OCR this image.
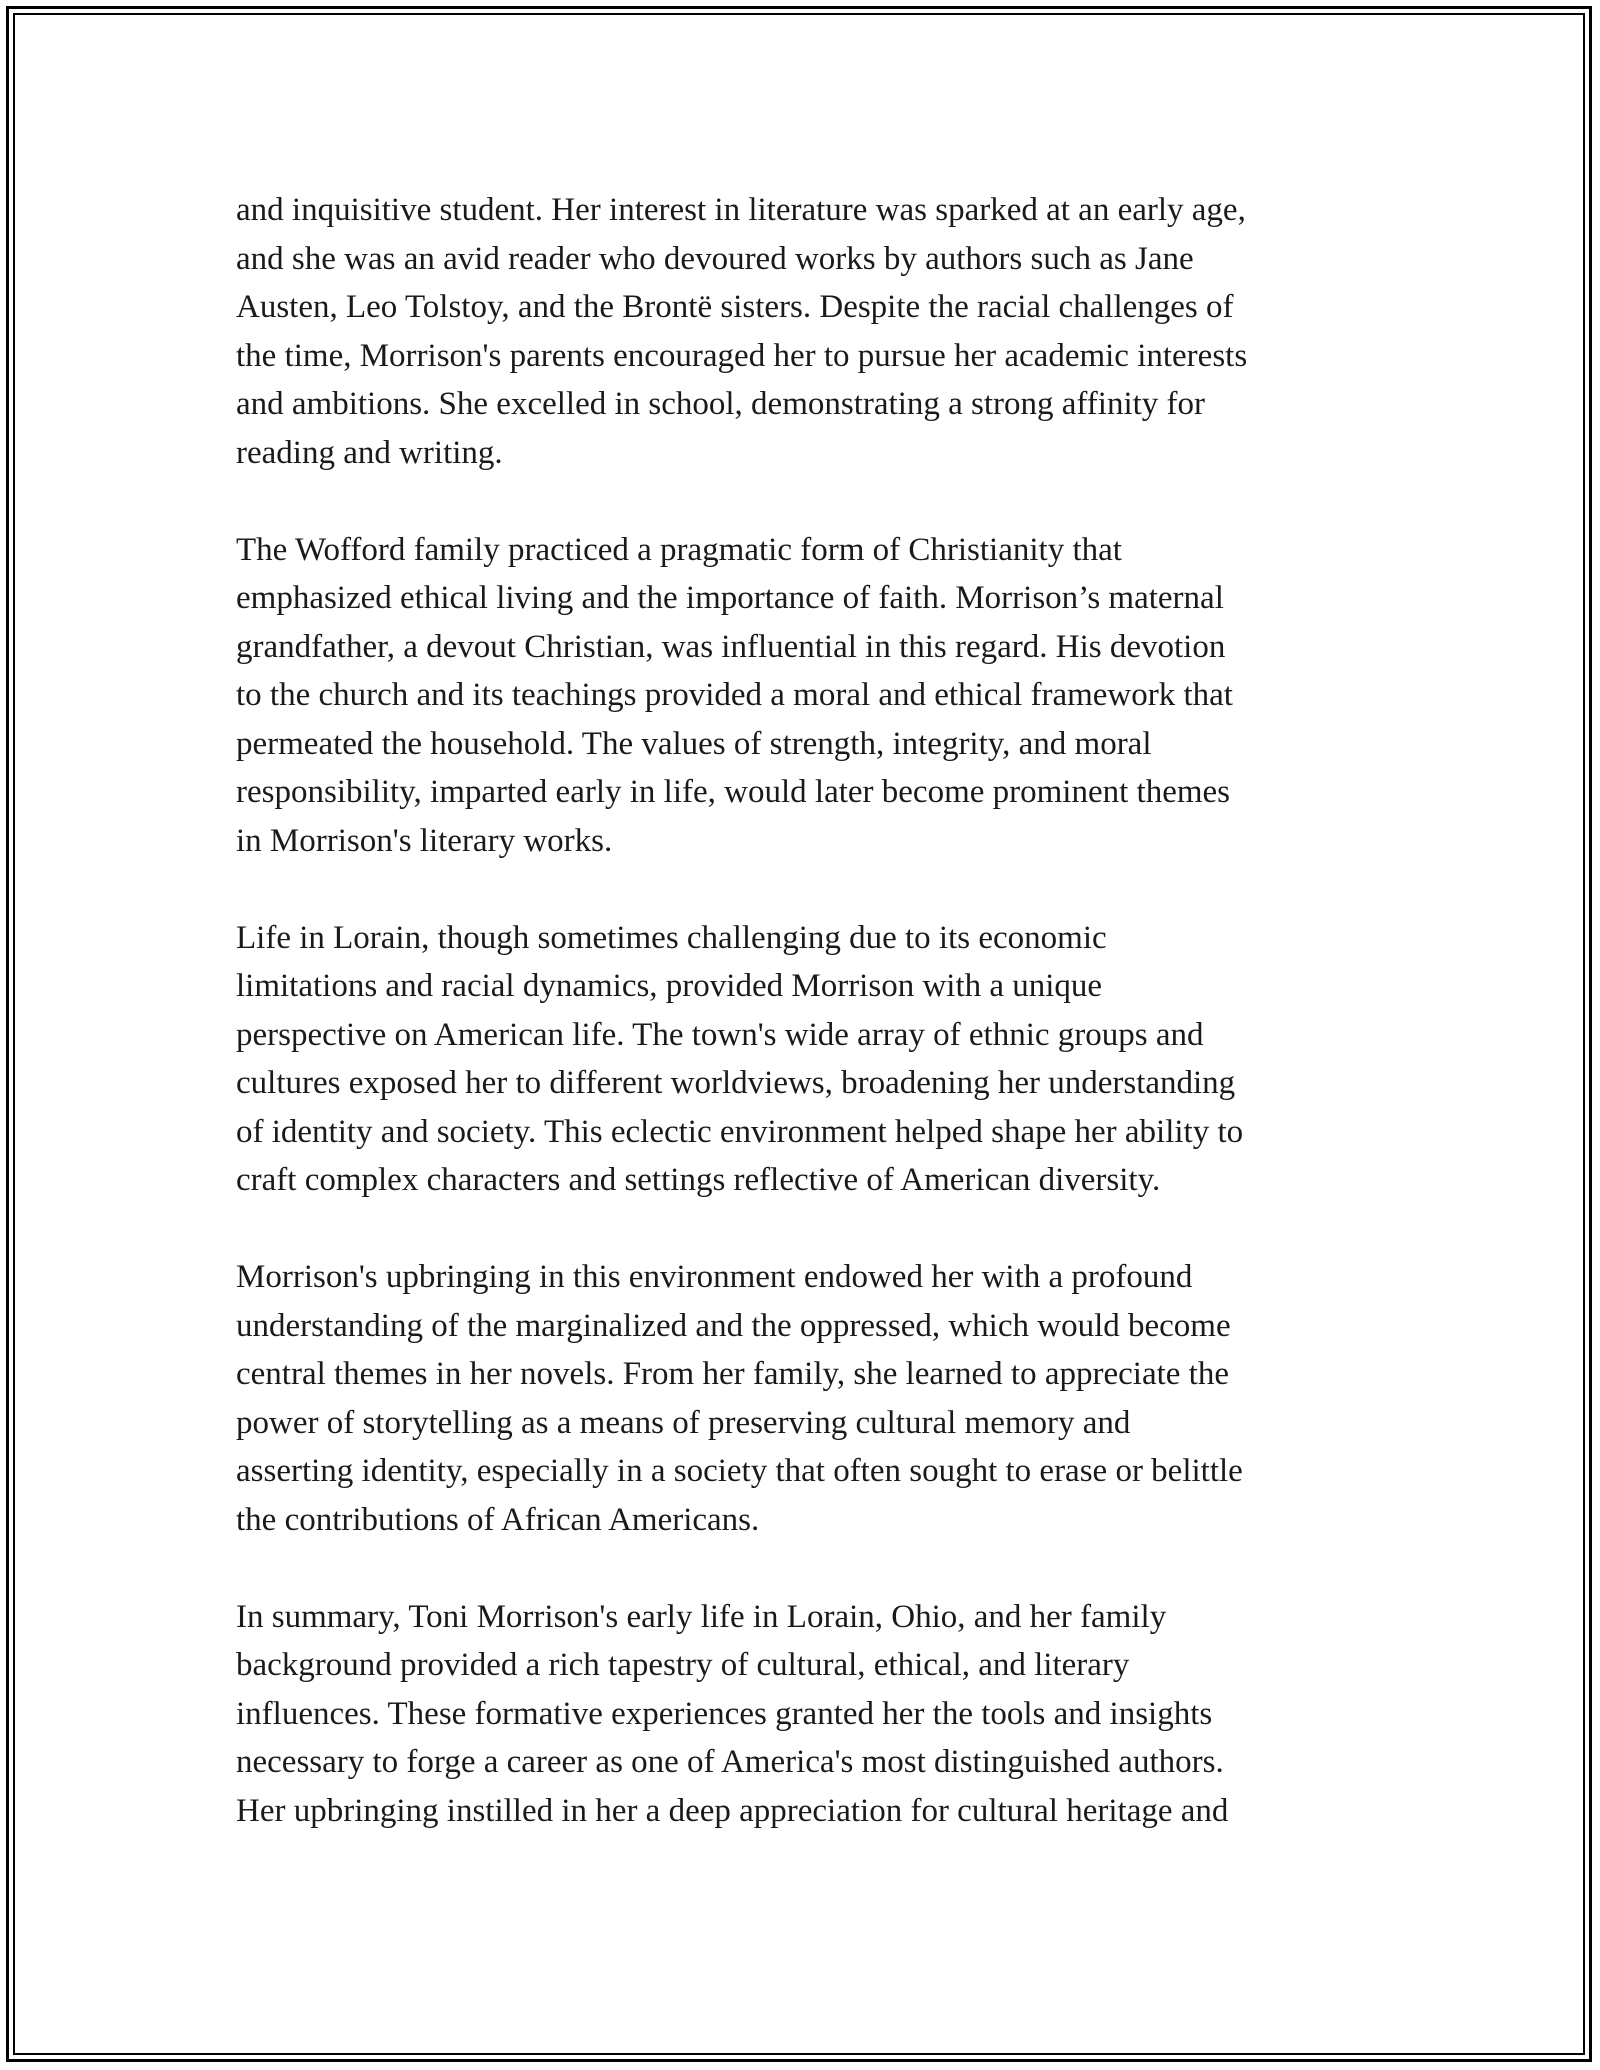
and inquisitive student. Her interest in literature was sparked at an early age,
and she was an avid reader who devoured works by authors such as Jane
Austen, Leo Tolstoy, and the Brontë sisters. Despite the racial challenges of
the time, Morrison's parents encouraged her to pursue her academic interests
and ambitions. She excelled in school, demonstrating a strong affinity for
reading and writing.

The Wofford family practiced a pragmatic form of Christianity that
emphasized ethical living and the importance of faith. Morrison’s maternal
grandfather, a devout Christian, was influential in this regard. His devotion
to the church and its teachings provided a moral and ethical framework that
permeated the household. The values of strength, integrity, and moral
responsibility, imparted early in life, would later become prominent themes
in Morrison's literary works.

Life in Lorain, though sometimes challenging due to its economic
limitations and racial dynamics, provided Morrison with a unique
perspective on American life. The town's wide array of ethnic groups and
cultures exposed her to different worldviews, broadening her understanding
of identity and society. This eclectic environment helped shape her ability to
craft complex characters and settings reflective of American diversity.

Morrison's upbringing in this environment endowed her with a profound
understanding of the marginalized and the oppressed, which would become
central themes in her novels. From her family, she learned to appreciate the
power of storytelling as a means of preserving cultural memory and
asserting identity, especially in a society that often sought to erase or belittle
the contributions of African Americans.

In summary, Toni Morrison's early life in Lorain, Ohio, and her family
background provided a rich tapestry of cultural, ethical, and literary
influences. These formative experiences granted her the tools and insights
necessary to forge a career as one of America's most distinguished authors.
Her upbringing instilled in her a deep appreciation for cultural heritage and
